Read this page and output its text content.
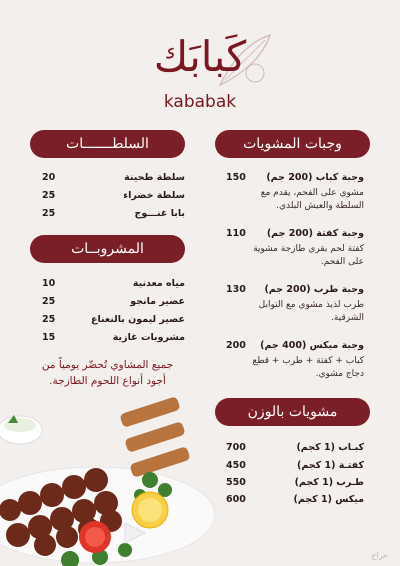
كَبابَك
kababak
السلطـــــــات
20	سلطة طحينة
25	سلطة خضراء
25	بابا غنـــوج
المشروبــات
10	مياه معدنية
25	عصير مانجو
25	عصير ليمون بالنعناع
15	مشروبات غازية
جميع المشاوي تُحضّر يومياً من
أجود أنواع اللحوم الطازجة.
وجبات المشويات
150 وجبة كباب (200 جم)
مشوي على الفحم، يقدم مع
السلطة والعيش البلدي.
110 وجبة كفتة (200 جم)
كفتة لحم بقري طازجة مشوية
على الفحم.
130 وجبة طرب (200 جم)
طرب لذيذ مشوي مع التوابل
الشرقية.
200 وجبة ميكس (400 جم)
كباب + كفتة + طرب + قطع
دجاج مشوي.
مشويات بالوزن
700	كبـاب (1 كجم)
450	كفتـة (1 كجم)
550	طـرب (1 كجم)
600	ميكس (1 كجم)
حراج
